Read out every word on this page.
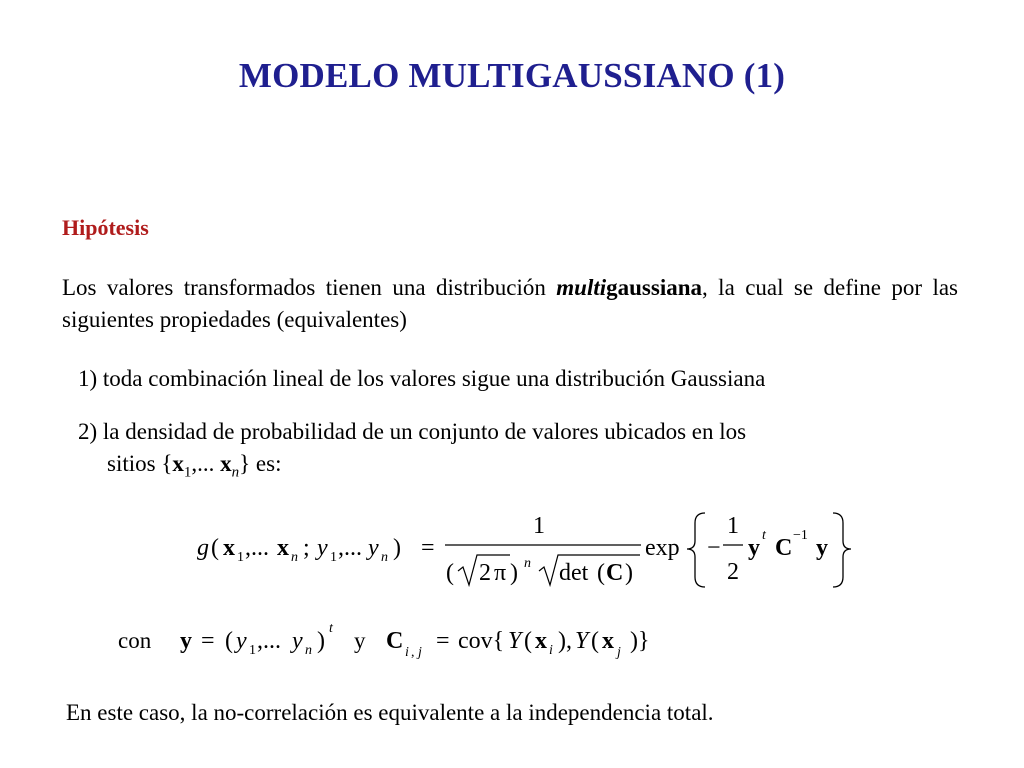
MODELO MULTIGAUSSIANO (1)
Hipótesis
Los valores transformados tienen una distribución multigaussiana, la cual se define por las siguientes propiedades (equivalentes)
1) toda combinación lineal de los valores sigue una distribución Gaussiana
2) la densidad de probabilidad de un conjunto de valores ubicados en los
sitios {$x_1$,... $x_n$} es:
g ( x 1 ,... x n ; y 1 ,... y n ) =
1
( 2 π ) n det ( C )
exp −
1
2
y t C −1 y
con y = ( y 1 ,... y n ) t y C i , j = cov{ Y ( x i ), Y ( x j )}
En este caso, la no-correlación es equivalente a la independencia total.
